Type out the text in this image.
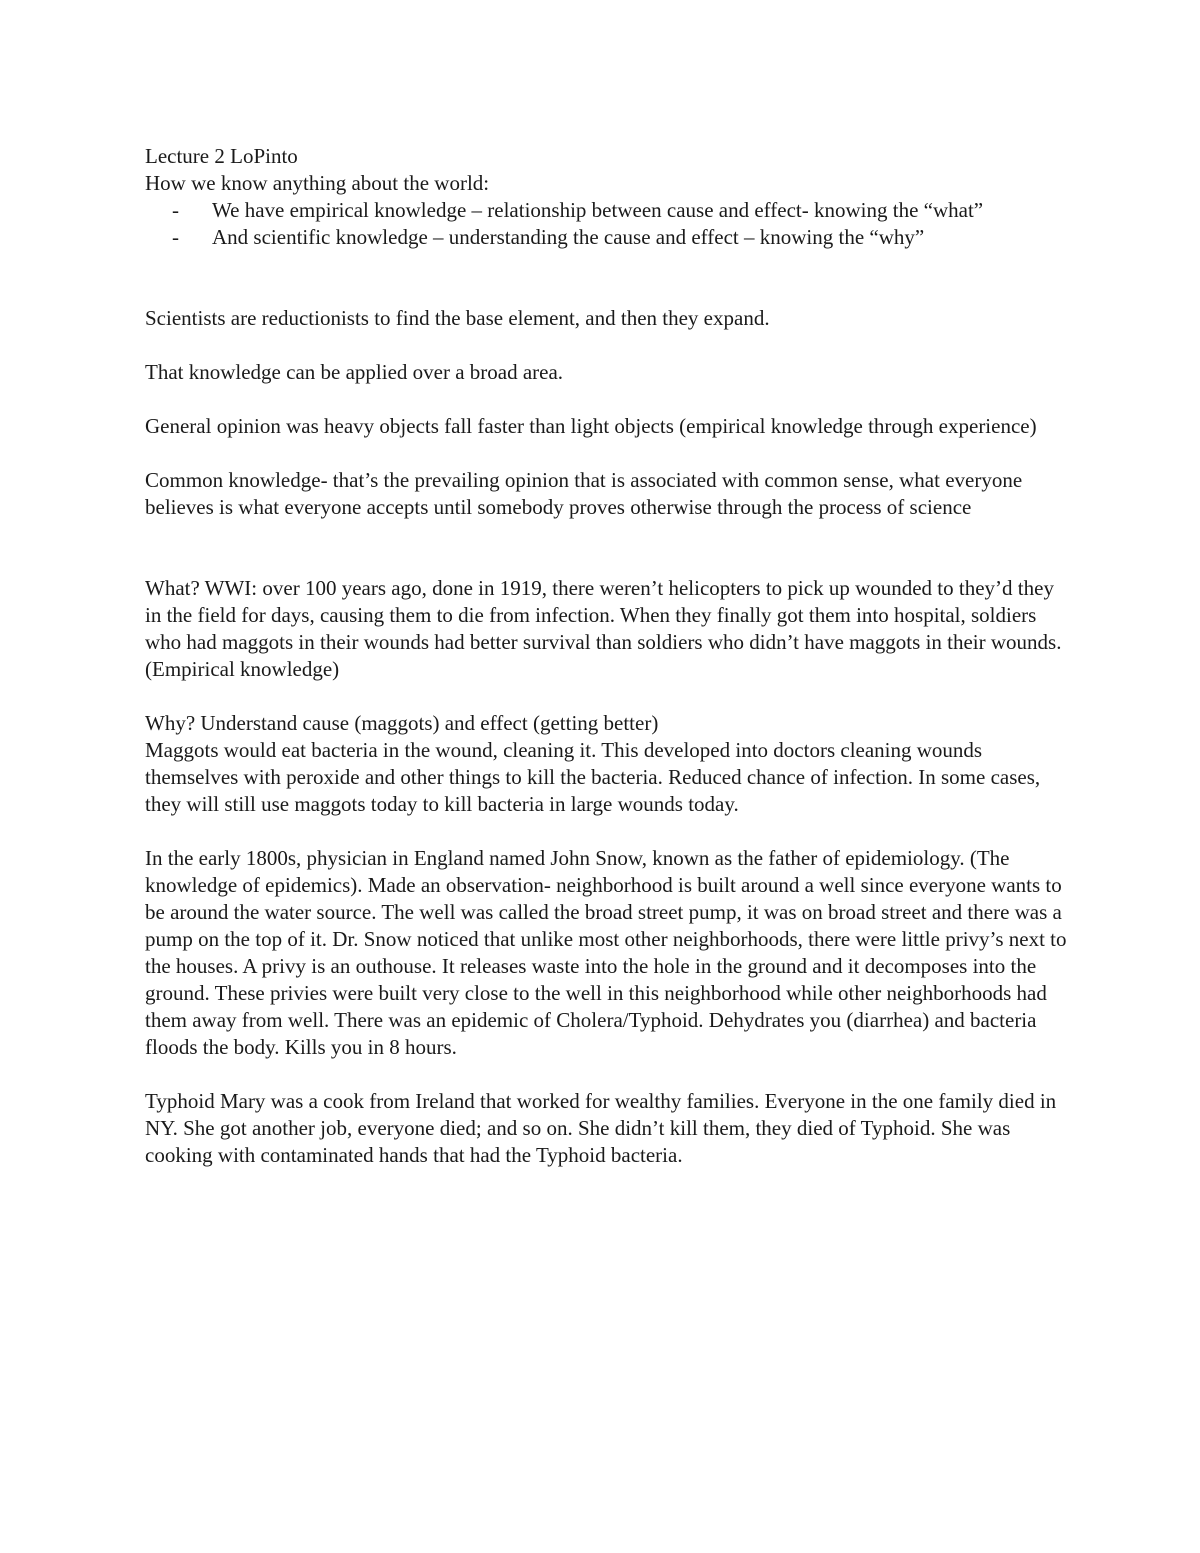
Lecture 2 LoPinto

How we know anything about the world:

- We have empirical knowledge – relationship between cause and effect- knowing the “what”
- And scientific knowledge – understanding the cause and effect – knowing the “why”

Scientists are reductionists to find the base element, and then they expand.

That knowledge can be applied over a broad area.

General opinion was heavy objects fall faster than light objects (empirical knowledge through experience)

Common knowledge- that’s the prevailing opinion that is associated with common sense, what everyone believes is what everyone accepts until somebody proves otherwise through the process of science

What? WWI: over 100 years ago, done in 1919, there weren’t helicopters to pick up wounded to they’d they in the field for days, causing them to die from infection. When they finally got them into hospital, soldiers who had maggots in their wounds had better survival than soldiers who didn’t have maggots in their wounds. (Empirical knowledge)

Why? Understand cause (maggots) and effect (getting better)

Maggots would eat bacteria in the wound, cleaning it. This developed into doctors cleaning wounds themselves with peroxide and other things to kill the bacteria. Reduced chance of infection. In some cases, they will still use maggots today to kill bacteria in large wounds today.

In the early 1800s, physician in England named John Snow, known as the father of epidemiology. (The knowledge of epidemics). Made an observation- neighborhood is built around a well since everyone wants to be around the water source. The well was called the broad street pump, it was on broad street and there was a pump on the top of it. Dr. Snow noticed that unlike most other neighborhoods, there were little privy’s next to the houses. A privy is an outhouse. It releases waste into the hole in the ground and it decomposes into the ground. These privies were built very close to the well in this neighborhood while other neighborhoods had them away from well. There was an epidemic of Cholera/Typhoid. Dehydrates you (diarrhea) and bacteria floods the body. Kills you in 8 hours.

Typhoid Mary was a cook from Ireland that worked for wealthy families. Everyone in the one family died in NY. She got another job, everyone died; and so on. She didn’t kill them, they died of Typhoid. She was cooking with contaminated hands that had the Typhoid bacteria.
